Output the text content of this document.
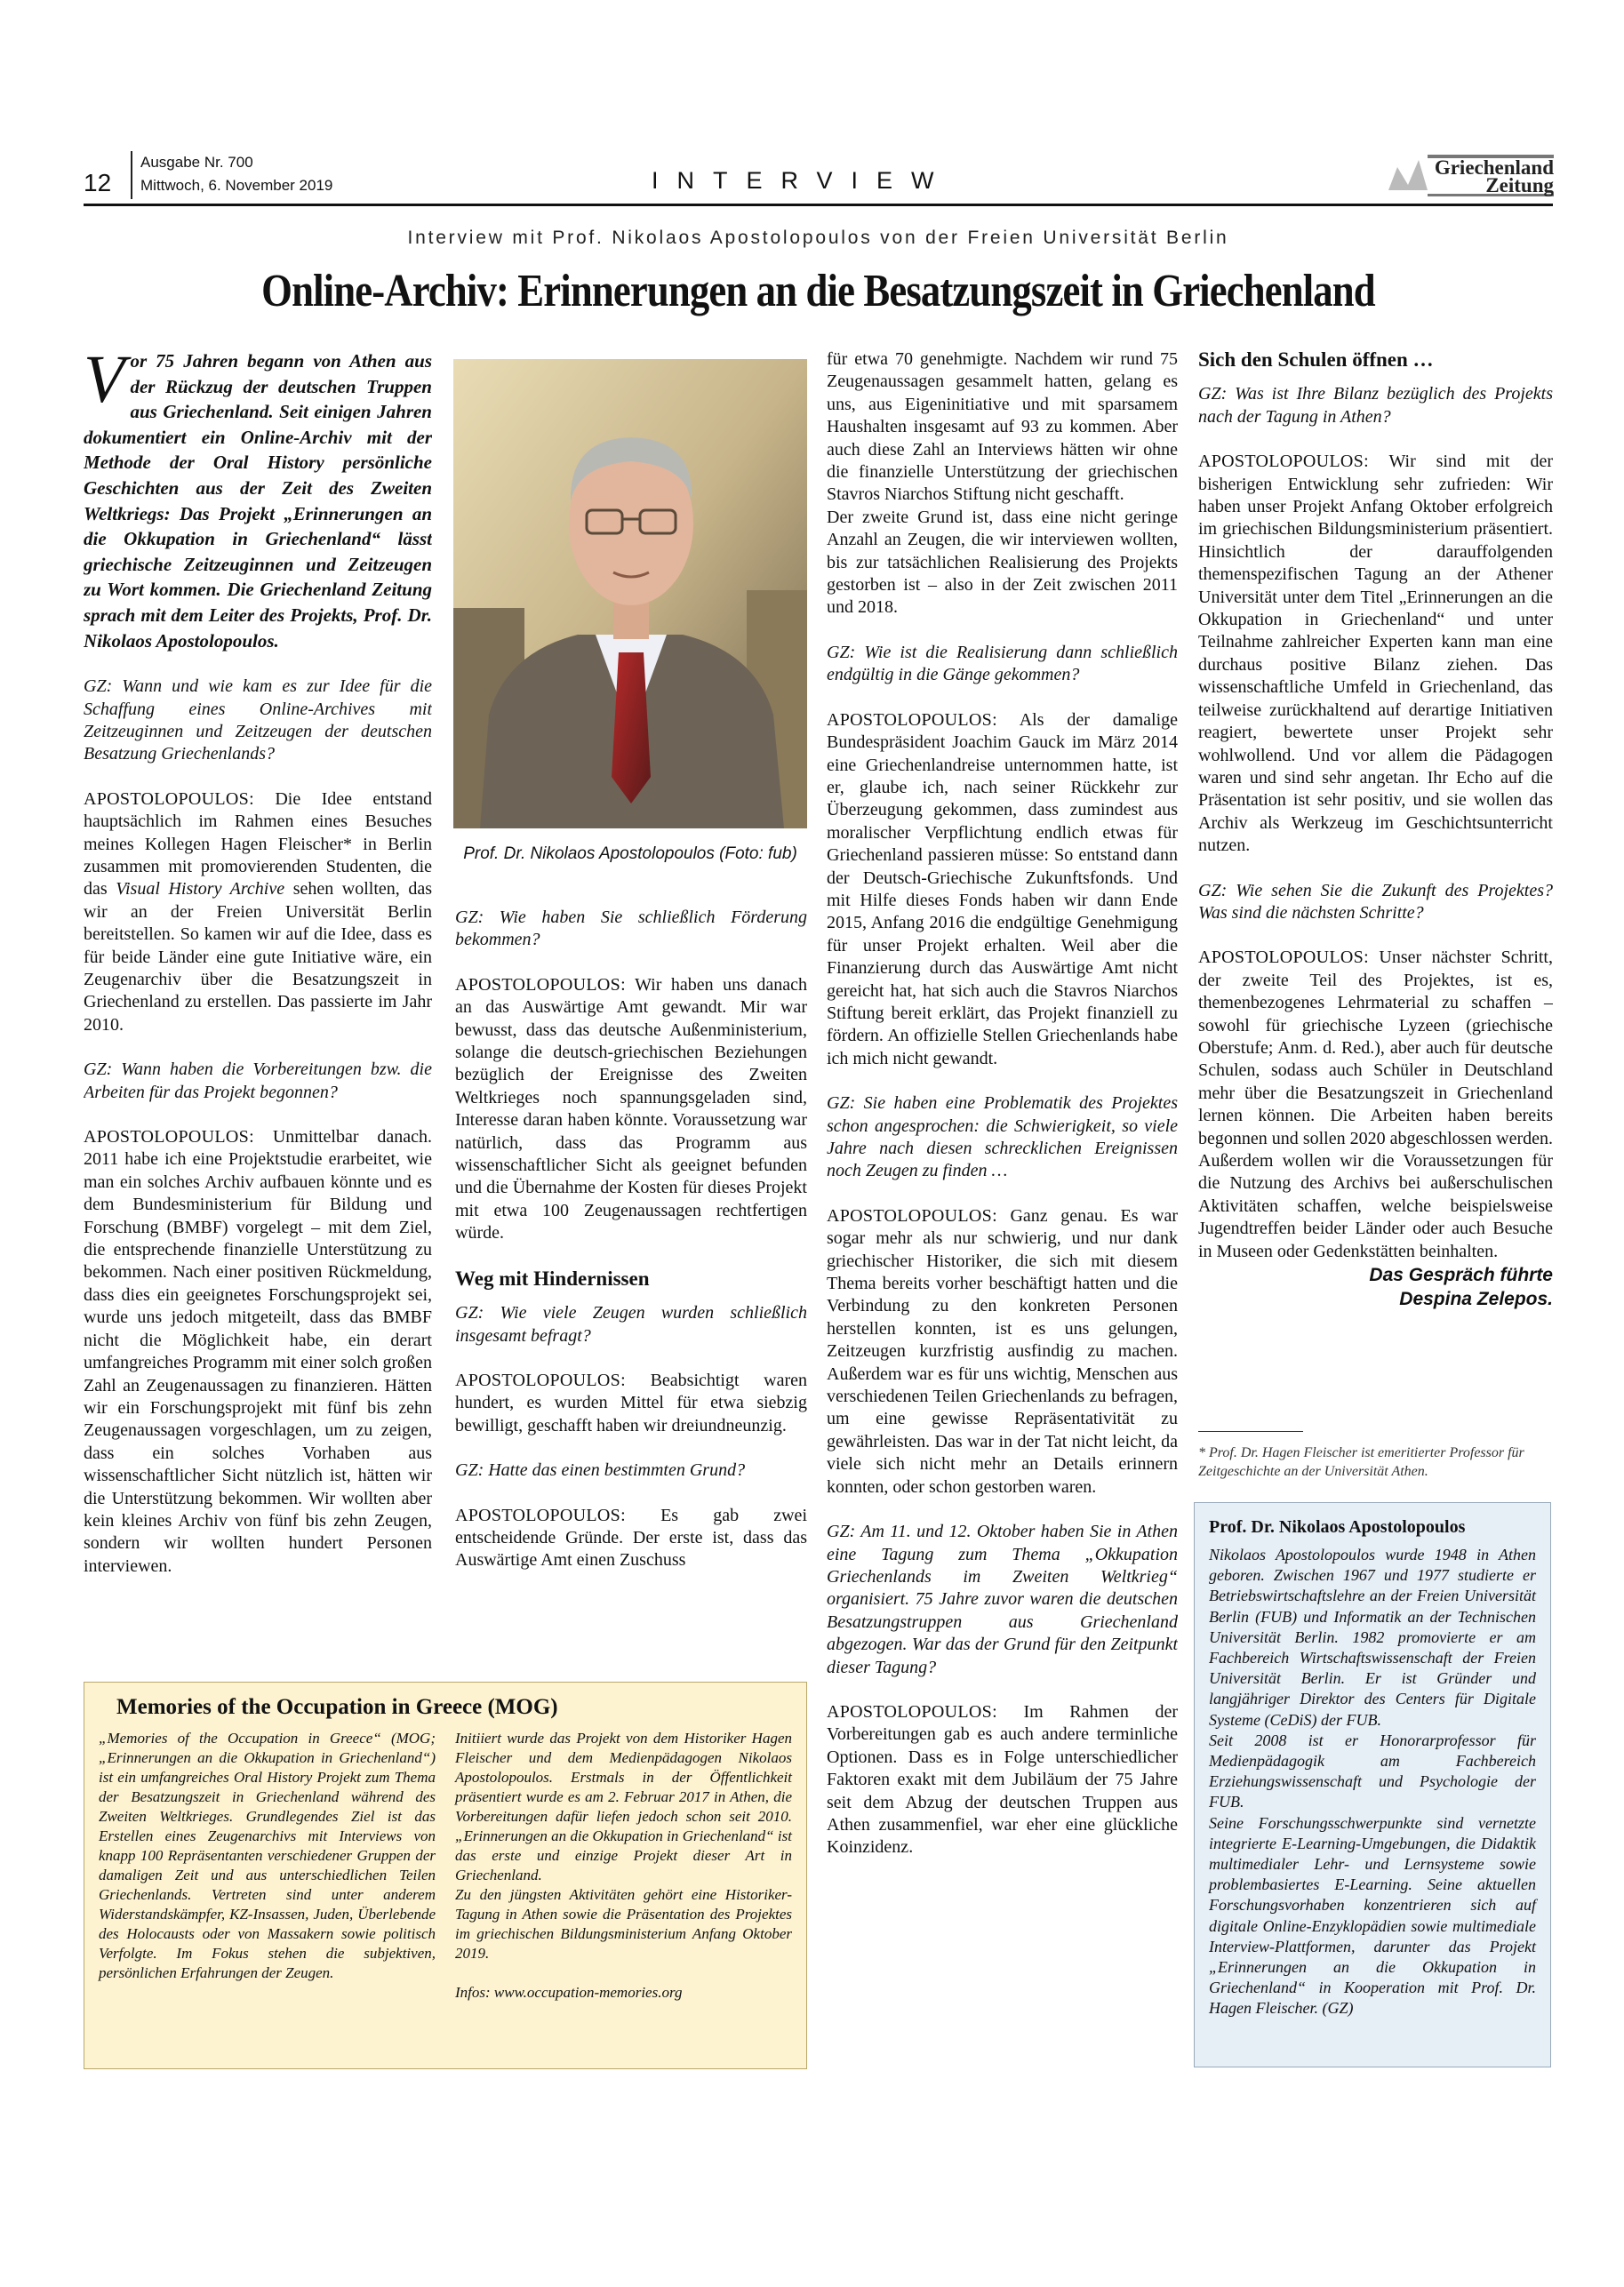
12
Ausgabe Nr. 700
Mittwoch, 6. November 2019	INTERVIEW	Griechenland
Zeitung
Interview mit Prof. Nikolaos Apostolopoulos von der Freien Universität Berlin
Online-Archiv: Erinnerungen an die Besatzungszeit in Griechenland

Vor 75 Jahren begann von Athen aus der Rückzug der deutschen Truppen aus Griechenland. Seit einigen Jahren dokumentiert ein Online-Archiv mit der Methode der Oral History persönliche Geschichten aus der Zeit des Zweiten Weltkriegs: Das Projekt „Erinnerungen an die Okkupation in Griechenland“ lässt griechische Zeitzeuginnen und Zeitzeugen zu Wort kommen. Die Griechenland Zeitung sprach mit dem Leiter des Projekts, Prof. Dr. Nikolaos Apostolopoulos.

GZ: Wann und wie kam es zur Idee für die Schaffung eines Online-Archives mit Zeitzeuginnen und Zeitzeugen der deutschen Besatzung Griechenlands?

APOSTOLOPOULOS: Die Idee entstand hauptsächlich im Rahmen eines Besuches meines Kollegen Hagen Fleischer* in Berlin zusammen mit promovierenden Studenten, die das Visual History Archive sehen wollten, das wir an der Freien Universität Berlin bereitstellen. So kamen wir auf die Idee, dass es für beide Länder eine gute Initiative wäre, ein Zeugenarchiv über die Besatzungszeit in Griechenland zu erstellen. Das passierte im Jahr 2010.

GZ: Wann haben die Vorbereitungen bzw. die Arbeiten für das Projekt begonnen?

APOSTOLOPOULOS: Unmittelbar danach. 2011 habe ich eine Projektstudie erarbeitet, wie man ein solches Archiv aufbauen könnte und es dem Bundesministerium für Bildung und Forschung (BMBF) vorgelegt – mit dem Ziel, die entsprechende finanzielle Unterstützung zu bekommen. Nach einer positiven Rückmeldung, dass dies ein geeignetes Forschungsprojekt sei, wurde uns jedoch mitgeteilt, dass das BMBF nicht die Möglichkeit habe, ein derart umfangreiches Programm mit einer solch großen Zahl an Zeugenaussagen zu finanzieren. Hätten wir ein Forschungsprojekt mit fünf bis zehn Zeugenaussagen vorgeschlagen, um zu zeigen, dass ein solches Vorhaben aus wissenschaftlicher Sicht nützlich ist, hätten wir die Unterstützung bekommen. Wir wollten aber kein kleines Archiv von fünf bis zehn Zeugen, sondern wir wollten hundert Personen interviewen.

Prof. Dr. Nikolaos Apostolopoulos (Foto: fub)

GZ: Wie haben Sie schließlich Förderung bekommen?

APOSTOLOPOULOS: Wir haben uns danach an das Auswärtige Amt gewandt. Mir war bewusst, dass das deutsche Außenministerium, solange die deutsch-griechischen Beziehungen bezüglich der Ereignisse des Zweiten Weltkrieges noch spannungsgeladen sind, Interesse daran haben könnte. Voraussetzung war natürlich, dass das Programm aus wissenschaftlicher Sicht als geeignet befunden und die Übernahme der Kosten für dieses Projekt mit etwa 100 Zeugenaussagen rechtfertigen würde.

Weg mit Hindernissen

GZ: Wie viele Zeugen wurden schließlich insgesamt befragt?

APOSTOLOPOULOS: Beabsichtigt waren hundert, es wurden Mittel für etwa siebzig bewilligt, geschafft haben wir dreiundneunzig.

GZ: Hatte das einen bestimmten Grund?

APOSTOLOPOULOS: Es gab zwei entscheidende Gründe. Der erste ist, dass das Auswärtige Amt einen Zuschuss

für etwa 70 genehmigte. Nachdem wir rund 75 Zeugenaussagen gesammelt hatten, gelang es uns, aus Eigeninitiative und mit sparsamem Haushalten insgesamt auf 93 zu kommen. Aber auch diese Zahl an Interviews hätten wir ohne die finanzielle Unterstützung der griechischen Stavros Niarchos Stiftung nicht geschafft.

Der zweite Grund ist, dass eine nicht geringe Anzahl an Zeugen, die wir interviewen wollten, bis zur tatsächlichen Realisierung des Projekts gestorben ist – also in der Zeit zwischen 2011 und 2018.

GZ: Wie ist die Realisierung dann schließlich endgültig in die Gänge gekommen?

APOSTOLOPOULOS: Als der damalige Bundespräsident Joachim Gauck im März 2014 eine Griechenlandreise unternommen hatte, ist er, glaube ich, nach seiner Rückkehr zur Überzeugung gekommen, dass zumindest aus moralischer Verpflichtung endlich etwas für Griechenland passieren müsse: So entstand dann der Deutsch-Griechische Zukunftsfonds. Und mit Hilfe dieses Fonds haben wir dann Ende 2015, Anfang 2016 die endgültige Genehmigung für unser Projekt erhalten. Weil aber die Finanzierung durch das Auswärtige Amt nicht gereicht hat, hat sich auch die Stavros Niarchos Stiftung bereit erklärt, das Projekt finanziell zu fördern. An offizielle Stellen Griechenlands habe ich mich nicht gewandt.

GZ: Sie haben eine Problematik des Projektes schon angesprochen: die Schwierigkeit, so viele Jahre nach diesen schrecklichen Ereignissen noch Zeugen zu finden …

APOSTOLOPOULOS: Ganz genau. Es war sogar mehr als nur schwierig, und nur dank griechischer Historiker, die sich mit diesem Thema bereits vorher beschäftigt hatten und die Verbindung zu den konkreten Personen herstellen konnten, ist es uns gelungen, Zeitzeugen kurzfristig ausfindig zu machen. Außerdem war es für uns wichtig, Menschen aus verschiedenen Teilen Griechenlands zu befragen, um eine gewisse Repräsentativität zu gewährleisten. Das war in der Tat nicht leicht, da viele sich nicht mehr an Details erinnern konnten, oder schon gestorben waren.

GZ: Am 11. und 12. Oktober haben Sie in Athen eine Tagung zum Thema „Okkupation Griechenlands im Zweiten Weltkrieg“ organisiert. 75 Jahre zuvor waren die deutschen Besatzungstruppen aus Griechenland abgezogen. War das der Grund für den Zeitpunkt dieser Tagung?

APOSTOLOPOULOS: Im Rahmen der Vorbereitungen gab es auch andere terminliche Optionen. Dass es in Folge unterschiedlicher Faktoren exakt mit dem Jubiläum der 75 Jahre seit dem Abzug der deutschen Truppen aus Athen zusammenfiel, war eher eine glückliche Koinzidenz.

Sich den Schulen öffnen …

GZ: Was ist Ihre Bilanz bezüglich des Projekts nach der Tagung in Athen?

APOSTOLOPOULOS: Wir sind mit der bisherigen Entwicklung sehr zufrieden: Wir haben unser Projekt Anfang Oktober erfolgreich im griechischen Bildungsministerium präsentiert. Hinsichtlich der darauffolgenden themenspezifischen Tagung an der Athener Universität unter dem Titel „Erinnerungen an die Okkupation in Griechenland“ und unter Teilnahme zahlreicher Experten kann man eine durchaus positive Bilanz ziehen. Das wissenschaftliche Umfeld in Griechenland, das teilweise zurückhaltend auf derartige Initiativen reagiert, bewertete unser Projekt sehr wohlwollend. Und vor allem die Pädagogen waren und sind sehr angetan. Ihr Echo auf die Präsentation ist sehr positiv, und sie wollen das Archiv als Werkzeug im Geschichtsunterricht nutzen.

GZ: Wie sehen Sie die Zukunft des Projektes? Was sind die nächsten Schritte?

APOSTOLOPOULOS: Unser nächster Schritt, der zweite Teil des Projektes, ist es, themenbezogenes Lehrmaterial zu schaffen – sowohl für griechische Lyzeen (griechische Oberstufe; Anm. d. Red.), aber auch für deutsche Schulen, sodass auch Schüler in Deutschland mehr über die Besatzungszeit in Griechenland lernen können. Die Arbeiten haben bereits begonnen und sollen 2020 abgeschlossen werden. Außerdem wollen wir die Voraussetzungen für die Nutzung des Archivs bei außerschulischen Aktivitäten schaffen, welche beispielsweise Jugendtreffen beider Länder oder auch Besuche in Museen oder Gedenkstätten beinhalten.

Das Gespräch führte
Despina Zelepos.
* Prof. Dr. Hagen Fleischer ist emeritierter Professor für Zeitgeschichte an der Universität Athen.
Prof. Dr. Nikolaos Apostolopoulos
Nikolaos Apostolopoulos wurde 1948 in Athen geboren. Zwischen 1967 und 1977 studierte er Betriebswirtschaftslehre an der Freien Universität Berlin (FUB) und Informatik an der Technischen Universität Berlin. 1982 promovierte er am Fachbereich Wirtschaftswissenschaft der Freien Universität Berlin. Er ist Gründer und langjähriger Direktor des Centers für Digitale Systeme (CeDiS) der FUB.
Seit 2008 ist er Honorarprofessor für Medienpädagogik am Fachbereich Erziehungswissenschaft und Psychologie der FUB.
Seine Forschungsschwerpunkte sind vernetzte integrierte E-Learning-Umgebungen, die Didaktik multimedialer Lehr- und Lernsysteme sowie problembasiertes E-Learning. Seine aktuellen Forschungsvorhaben konzentrieren sich auf digitale Online-Enzyklopädien sowie multimediale Interview-Plattformen, darunter das Projekt „Erinnerungen an die Okkupation in Griechenland“ in Kooperation mit Prof. Dr. Hagen Fleischer. (GZ)
Memories of the Occupation in Greece (MOG)

„Memories of the Occupation in Greece“ (MOG; „Erinnerungen an die Okkupation in Griechenland“) ist ein umfangreiches Oral History Projekt zum Thema der Besatzungszeit in Griechenland während des Zweiten Weltkrieges. Grundlegendes Ziel ist das Erstellen eines Zeugenarchivs mit Interviews von knapp 100 Repräsentanten verschiedener Gruppen der damaligen Zeit und aus unterschiedlichen Teilen Griechenlands. Vertreten sind unter anderem Widerstandskämpfer, KZ-Insassen, Juden, Überlebende des Holocausts oder von Massakern sowie politisch Verfolgte. Im Fokus stehen die subjektiven, persönlichen Erfahrungen der Zeugen.

Initiiert wurde das Projekt von dem Historiker Hagen Fleischer und dem Medienpädagogen Nikolaos Apostolopoulos. Erstmals in der Öffentlichkeit präsentiert wurde es am 2. Februar 2017 in Athen, die Vorbereitungen dafür liefen jedoch schon seit 2010. „Erinnerungen an die Okkupation in Griechenland“ ist das erste und einzige Projekt dieser Art in Griechenland.

Zu den jüngsten Aktivitäten gehört eine Historiker-Tagung in Athen sowie die Präsentation des Projektes im griechischen Bildungsministerium Anfang Oktober 2019.

Infos: www.occupation-memories.org
